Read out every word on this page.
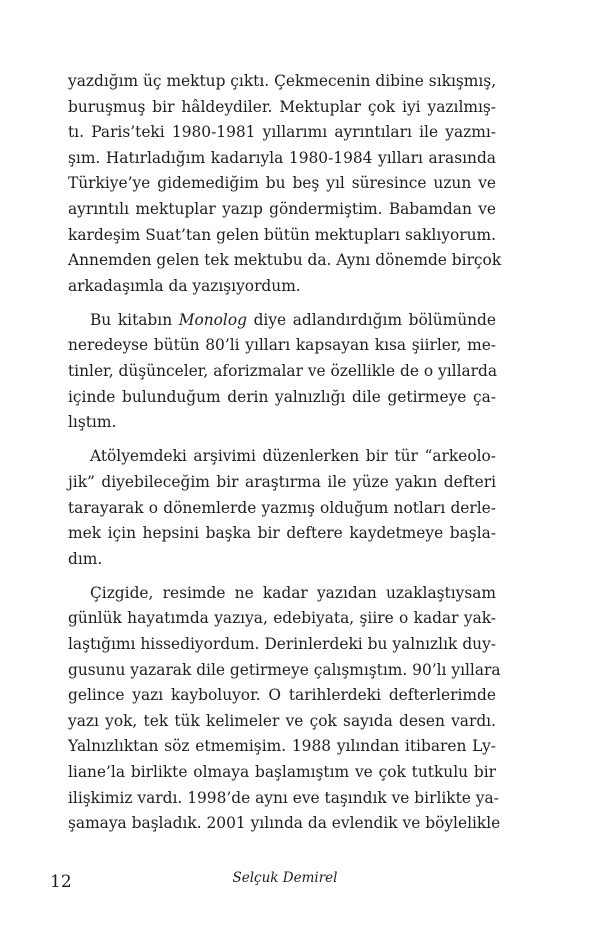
yazdığım üç mektup çıktı. Çekmecenin dibine sıkışmış,
buruşmuş bir hâldeydiler. Mektuplar çok iyi yazılmış-
tı. Paris’teki 1980-1981 yıllarımı ayrıntıları ile yazmı-
şım. Hatırladığım kadarıyla 1980-1984 yılları arasında
Türkiye’ye gidemediğim bu beş yıl süresince uzun ve
ayrıntılı mektuplar yazıp göndermiştim. Babamdan ve
kardeşim Suat’tan gelen bütün mektupları saklıyorum.
Annemden gelen tek mektubu da. Aynı dönemde birçok
arkadaşımla da yazışıyordum.
Bu kitabın Monolog diye adlandırdığım bölümünde
neredeyse bütün 80’li yılları kapsayan kısa şiirler, me-
tinler, düşünceler, aforizmalar ve özellikle de o yıllarda
içinde bulunduğum derin yalnızlığı dile getirmeye ça-
lıştım.
Atölyemdeki arşivimi düzenlerken bir tür “arkeolo-
jik” diyebileceğim bir araştırma ile yüze yakın defteri
tarayarak o dönemlerde yazmış olduğum notları derle-
mek için hepsini başka bir deftere kaydetmeye başla-
dım.
Çizgide, resimde ne kadar yazıdan uzaklaştıysam
günlük hayatımda yazıya, edebiyata, şiire o kadar yak-
laştığımı hissediyordum. Derinlerdeki bu yalnızlık duy-
gusunu yazarak dile getirmeye çalışmıştım. 90’lı yıllara
gelince yazı kayboluyor. O tarihlerdeki defterlerimde
yazı yok, tek tük kelimeler ve çok sayıda desen vardı.
Yalnızlıktan söz etmemişim. 1988 yılından itibaren Ly-
liane’la birlikte olmaya başlamıştım ve çok tutkulu bir
ilişkimiz vardı. 1998’de aynı eve taşındık ve birlikte ya-
şamaya başladık. 2001 yılında da evlendik ve böylelikle
12	Selçuk Demirel
